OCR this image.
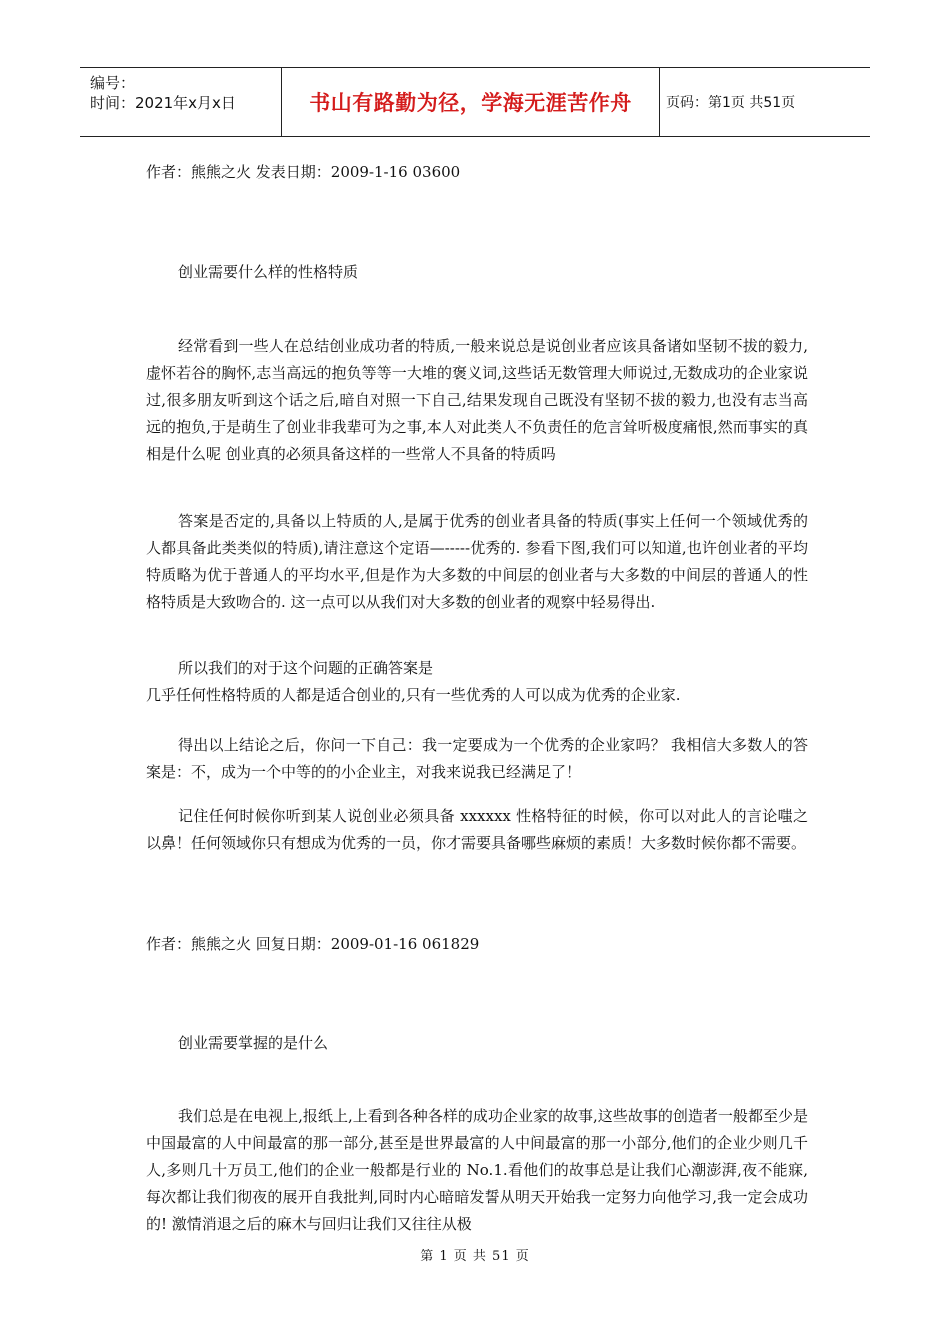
编号：
时间：2021年x月x日	书山有路勤为径，学海无涯苦作舟 页码：第1页 共51页
作者：熊熊之火 发表日期：2009-1-16 03600
创业需要什么样的性格特质
经常看到一些人在总结创业成功者的特质,一般来说总是说创业者应该具备诸如坚韧不拔的毅力,虚怀若谷的胸怀,志当高远的抱负等等一大堆的褒义词,这些话无数管理大师说过,无数成功的企业家说过,很多朋友听到这个话之后,暗自对照一下自己,结果发现自己既没有坚韧不拔的毅力,也没有志当高远的抱负,于是萌生了创业非我辈可为之事,本人对此类人不负责任的危言耸听极度痛恨,然而事实的真相是什么呢 创业真的必须具备这样的一些常人不具备的特质吗
答案是否定的,具备以上特质的人,是属于优秀的创业者具备的特质(事实上任何一个领域优秀的人都具备此类类似的特质),请注意这个定语—-----优秀的. 参看下图,我们可以知道,也许创业者的平均特质略为优于普通人的平均水平,但是作为大多数的中间层的创业者与大多数的中间层的普通人的性格特质是大致吻合的. 这一点可以从我们对大多数的创业者的观察中轻易得出.
所以我们的对于这个问题的正确答案是
几乎任何性格特质的人都是适合创业的,只有一些优秀的人可以成为优秀的企业家.
得出以上结论之后，你问一下自己：我一定要成为一个优秀的企业家吗？ 我相信大多数人的答案是：不，成为一个中等的的小企业主，对我来说我已经满足了！
记住任何时候你听到某人说创业必须具备 xxxxxx 性格特征的时候，你可以对此人的言论嗤之以鼻！任何领域你只有想成为优秀的一员，你才需要具备哪些麻烦的素质！大多数时候你都不需要。
作者：熊熊之火 回复日期：2009-01-16 061829
创业需要掌握的是什么
我们总是在电视上,报纸上,上看到各种各样的成功企业家的故事,这些故事的创造者一般都至少是中国最富的人中间最富的那一部分,甚至是世界最富的人中间最富的那一小部分,他们的企业少则几千人,多则几十万员工,他们的企业一般都是行业的 No.1.看他们的故事总是让我们心潮澎湃,夜不能寐,每次都让我们彻夜的展开自我批判,同时内心暗暗发誓从明天开始我一定努力向他学习,我一定会成功的! 激情消退之后的麻木与回归让我们又往往从极
第 1 页 共 51 页
